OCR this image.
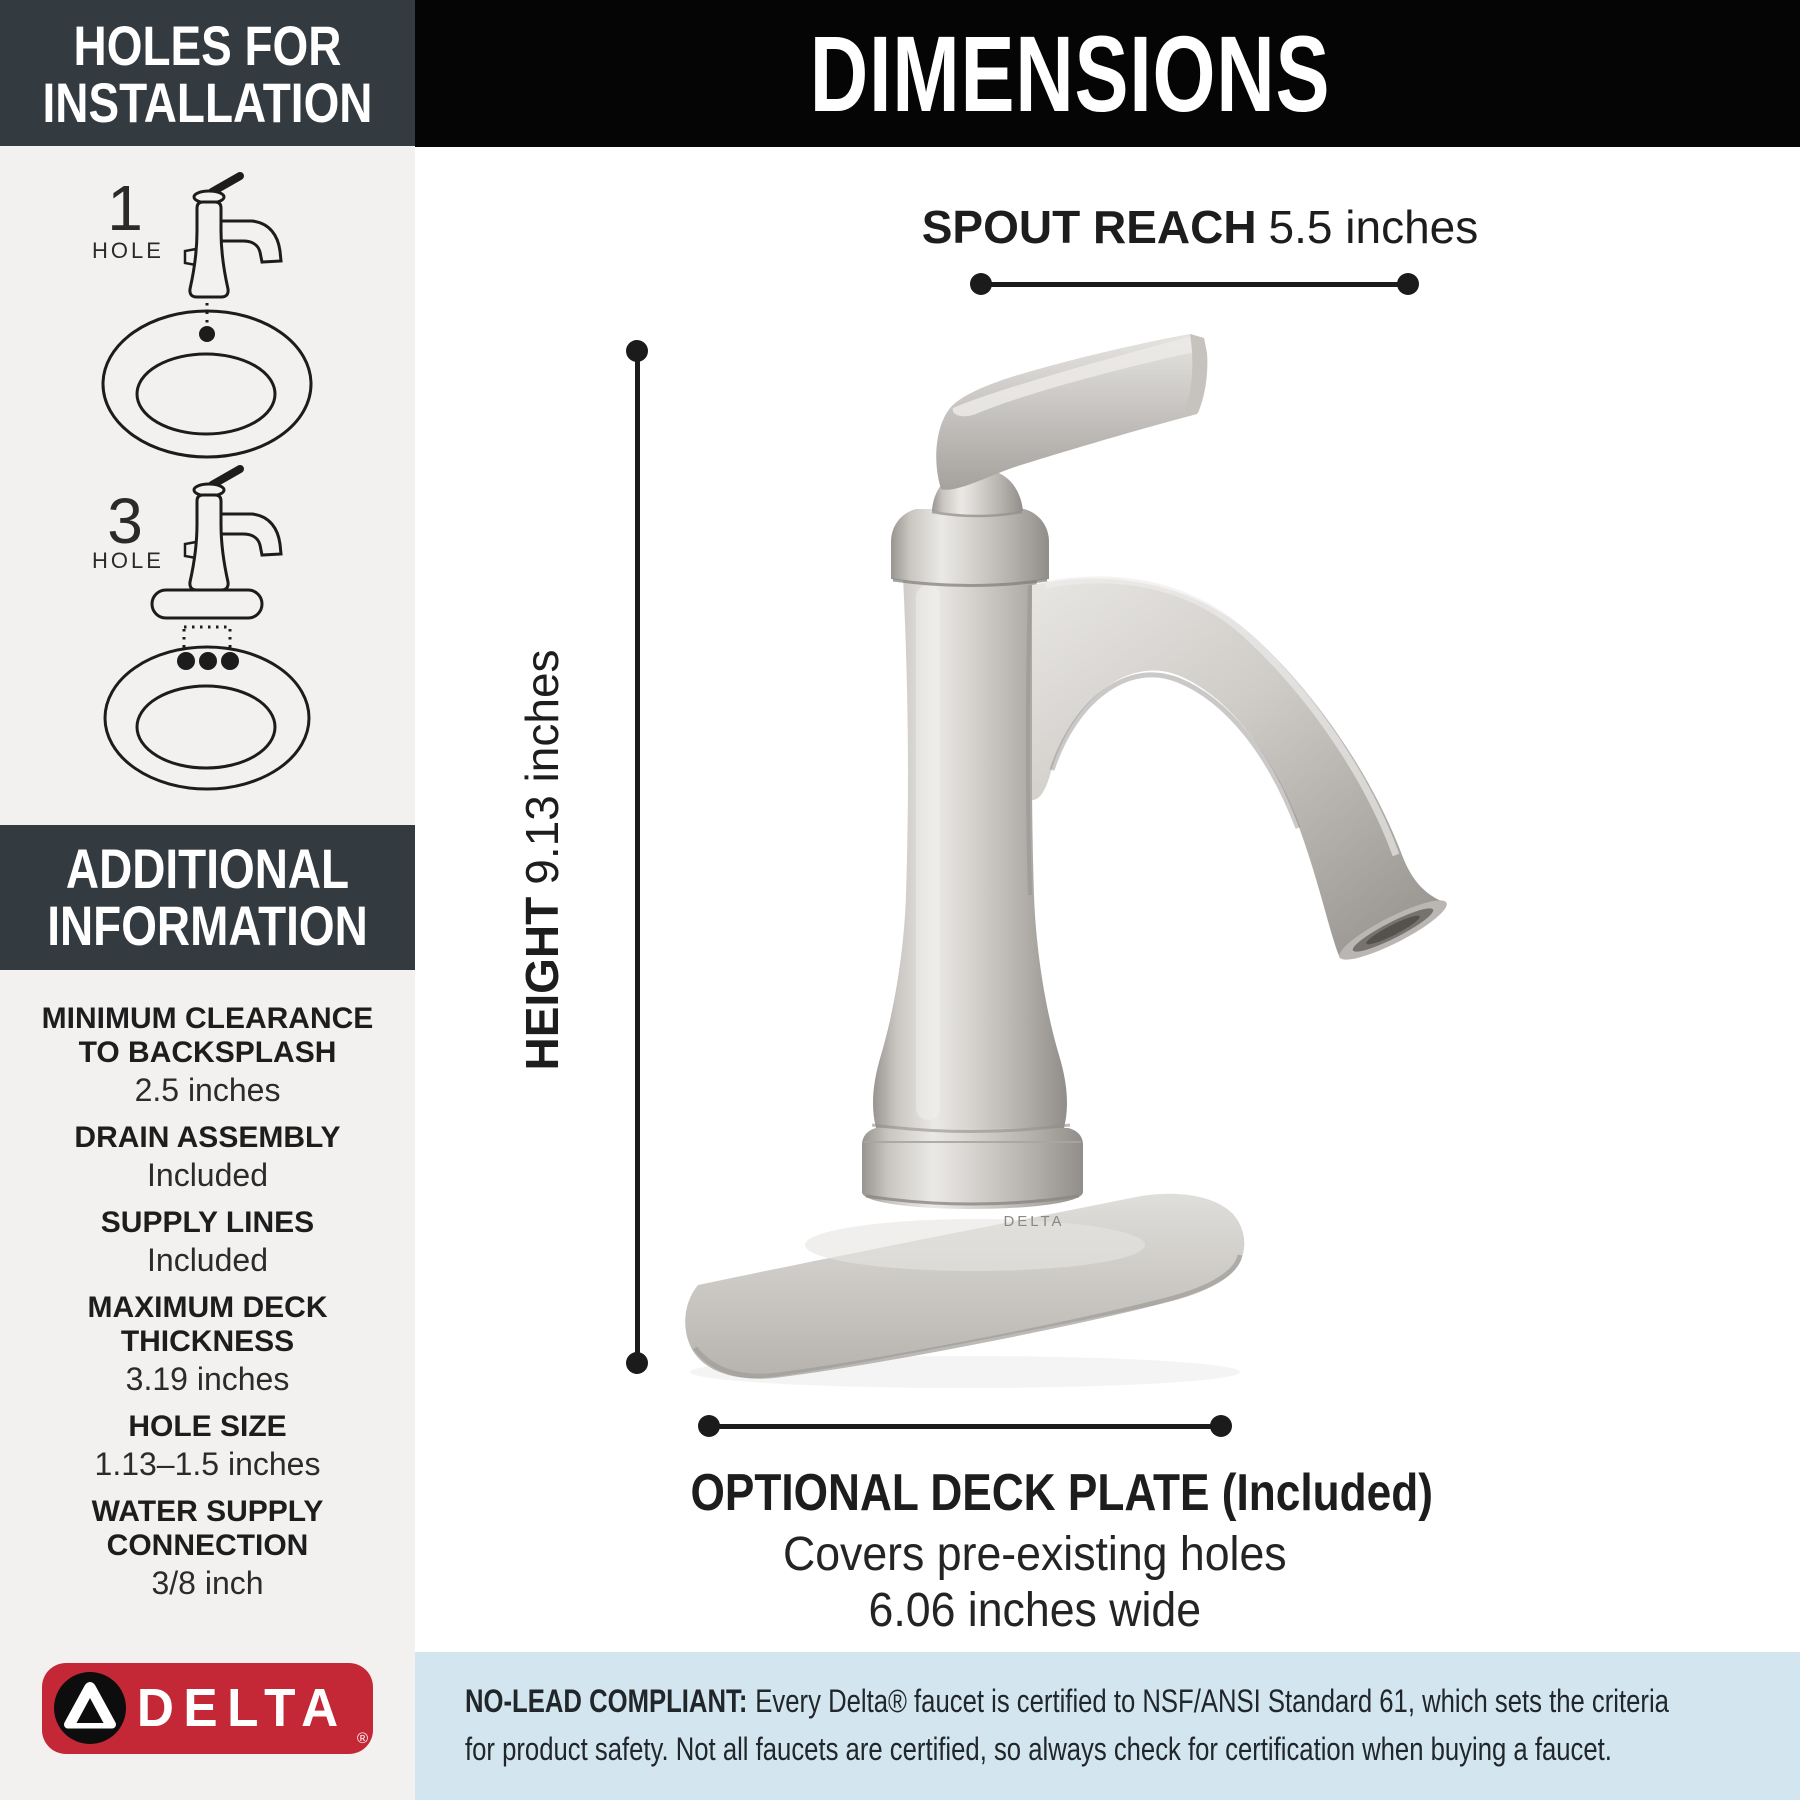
HOLES FOR
INSTALLATION
1
HOLE
3
HOLE
ADDITIONAL
INFORMATION
MINIMUM CLEARANCE TO BACKSPLASH
2.5 inches
DRAIN ASSEMBLY
Included
SUPPLY LINES
Included
MAXIMUM DECK THICKNESS
3.19 inches
HOLE SIZE
1.13–1.5 inches
WATER SUPPLY CONNECTION
3/8 inch
DELTA
®
DIMENSIONS
DELTA
SPOUT REACH 5.5 inches
HEIGHT9.13 inches
OPTIONAL DECK PLATE (Included)
Covers pre-existing holes
6.06 inches wide
NO-LEAD COMPLIANT: Every Delta® faucet is certified to NSF/ANSI Standard 61, which sets the criteria
for product safety. Not all faucets are certified, so always check for certification when buying a faucet.
